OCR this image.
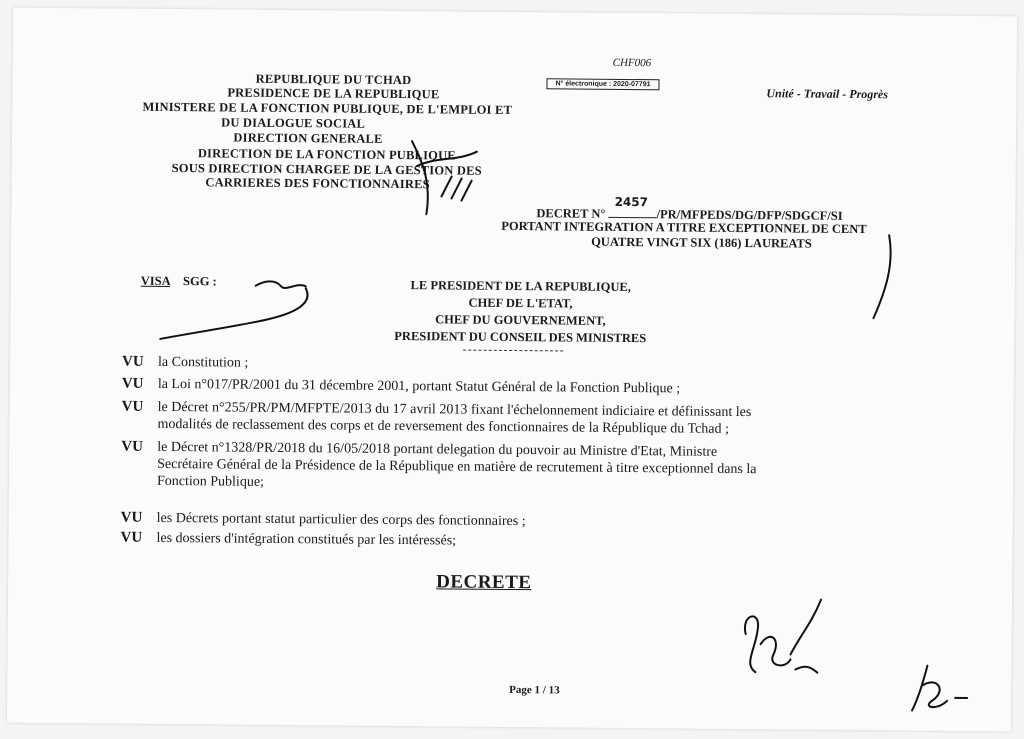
REPUBLIQUE DU TCHAD
PRESIDENCE DE LA REPUBLIQUE
MINISTERE DE LA FONCTION PUBLIQUE, DE L'EMPLOI ET
DU DIALOGUE SOCIAL
DIRECTION GENERALE
DIRECTION DE LA FONCTION PUBLIQUE
SOUS DIRECTION CHARGEE DE LA GESTION DES
CARRIERES DES FONCTIONNAIRES
CHF006
N° électronique : 2020-07791
Unité - Travail - Progrès
DECRET N°
2457
/PR/MFPEDS/DG/DFP/SDGCF/SI
PORTANT INTEGRATION A TITRE EXCEPTIONNEL DE CENT
QUATRE VINGT SIX (186) LAUREATS
VISA SGG :	LE PRESIDENT DE LA REPUBLIQUE,
CHEF DE L'ETAT,
CHEF DU GOUVERNEMENT,
PRESIDENT DU CONSEIL DES MINISTRES
VU la Constitution ;
VU la Loi n°017/PR/2001 du 31 décembre 2001, portant Statut Général de la Fonction Publique ;
VU le Décret n°255/PR/PM/MFPTE/2013 du 17 avril 2013 fixant l'échelonnement indiciaire et définissant les
modalités de reclassement des corps et de reversement des fonctionnaires de la République du Tchad ;
VU le Décret n°1328/PR/2018 du 16/05/2018 portant delegation du pouvoir au Ministre d'Etat, Ministre
Secrétaire Général de la Présidence de la République en matière de recrutement à titre exceptionnel dans la
Fonction Publique;
VU les Décrets portant statut particulier des corps des fonctionnaires ;
VU les dossiers d'intégration constitués par les intéressés;
DECRETE
Page 1 / 13
